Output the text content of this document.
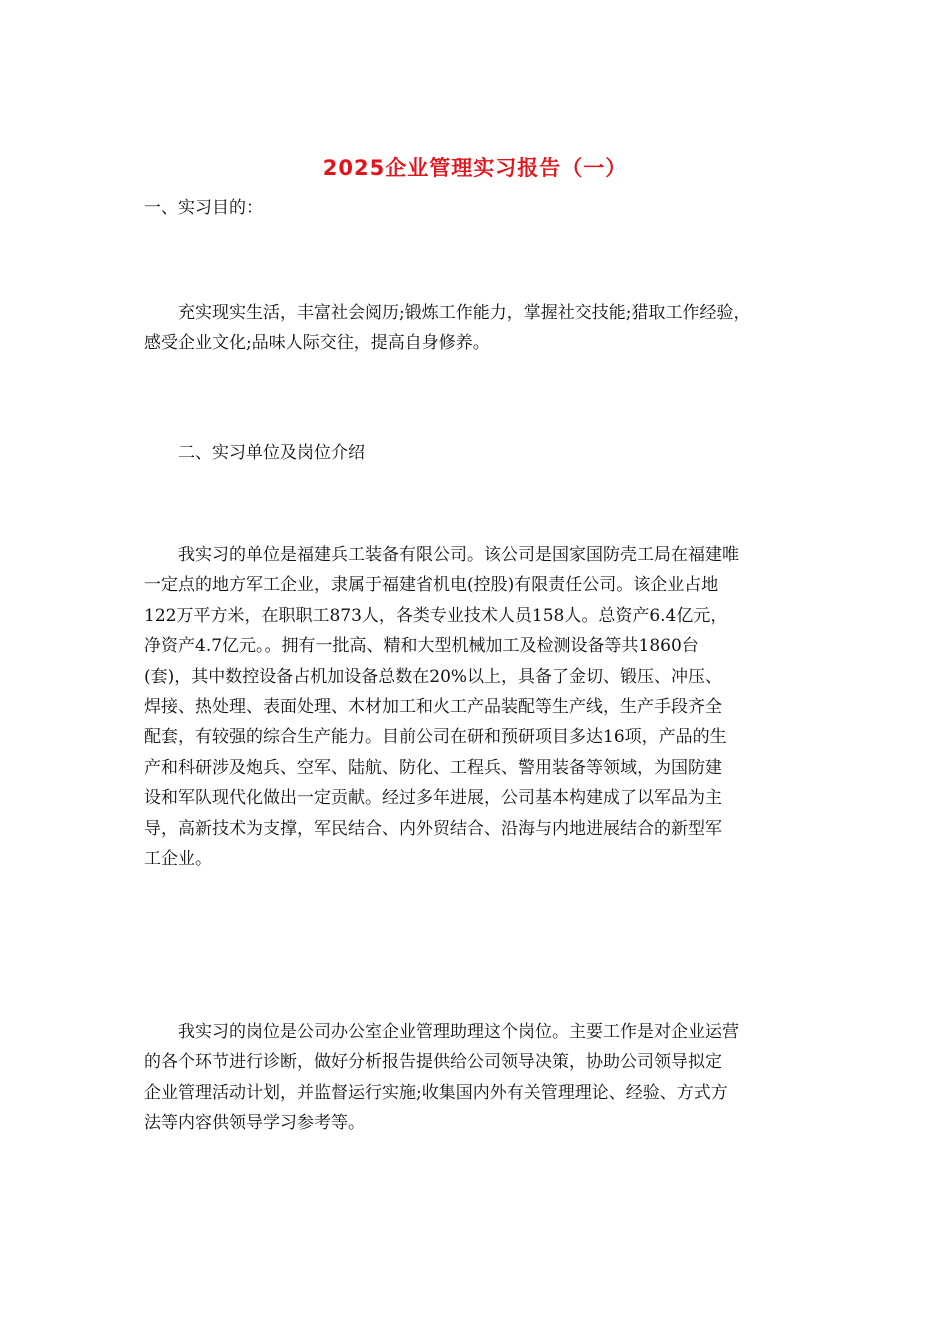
2025企业管理实习报告（一）

一、实习目的：

　　充实现实生活，丰富社会阅历;锻炼工作能力，掌握社交技能;猎取工作经验，
感受企业文化;品味人际交往，提高自身修养。

　　二、实习单位及岗位介绍

　　我实习的单位是福建兵工装备有限公司。该公司是国家国防壳工局在福建唯
一定点的地方军工企业，隶属于福建省机电(控股)有限责任公司。该企业占地
122万平方米，在职职工873人，各类专业技术人员158人。总资产6.4亿元，
净资产4.7亿元。。拥有一批高、精和大型机械加工及检测设备等共1860台
(套)，其中数控设备占机加设备总数在20%以上，具备了金切、锻压、冲压、
焊接、热处理、表面处理、木材加工和火工产品装配等生产线，生产手段齐全
配套，有较强的综合生产能力。目前公司在研和预研项目多达16项，产品的生
产和科研涉及炮兵、空军、陆航、防化、工程兵、警用装备等领域，为国防建
设和军队现代化做出一定贡献。经过多年进展，公司基本构建成了以军品为主
导，高新技术为支撑，军民结合、内外贸结合、沿海与内地进展结合的新型军
工企业。

　　我实习的岗位是公司办公室企业管理助理这个岗位。主要工作是对企业运营
的各个环节进行诊断，做好分析报告提供给公司领导决策，协助公司领导拟定
企业管理活动计划，并监督运行实施;收集国内外有关管理理论、经验、方式方
法等内容供领导学习参考等。
